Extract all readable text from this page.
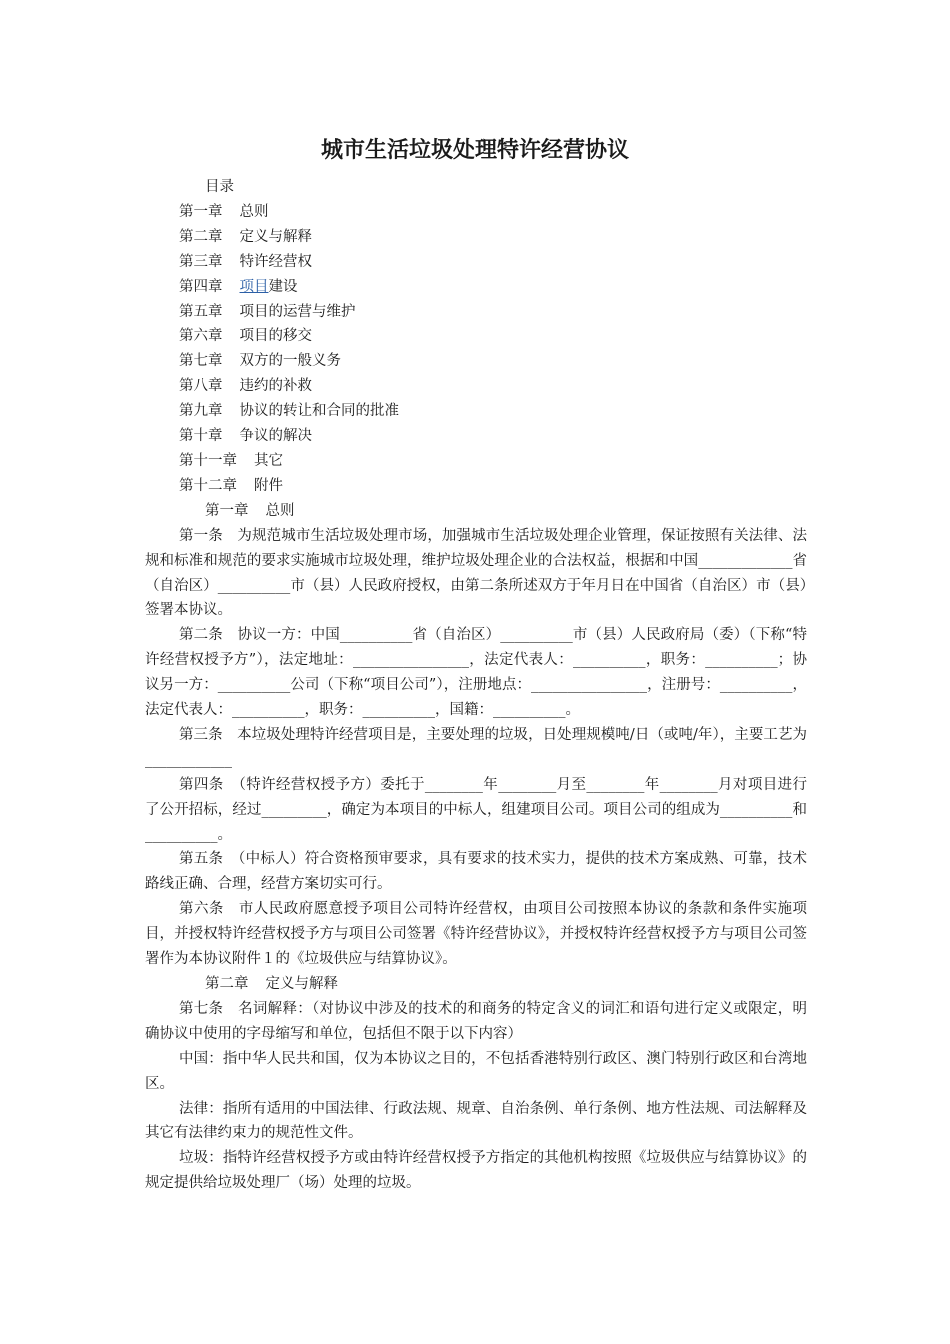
城市生活垃圾处理特许经营协议

目录

第一章 总则

第二章 定义与解释

第三章 特许经营权

第四章 项目建设

第五章 项目的运营与维护

第六章 项目的移交

第七章 双方的一般义务

第八章 违约的补救

第九章 协议的转让和合同的批准

第十章 争议的解决

第十一章 其它

第十二章 附件

第一章 总则

第一条　为规范城市生活垃圾处理市场，加强城市生活垃圾处理企业管理，保证按照有关法律、法规和标准和规范的要求实施城市垃圾处理，维护垃圾处理企业的合法权益，根据和中国_____________省（自治区）__________市（县）人民政府授权，由第二条所述双方于年月日在中国省（自治区）市（县）签署本协议。

第二条　协议一方：中国__________省（自治区）__________市（县）人民政府局（委）（下称“特许经营权授予方”），法定地址：________________，法定代表人：__________，职务：__________；协议另一方：__________公司（下称“项目公司”），注册地点：________________，注册号：__________，法定代表人：__________，职务：__________，国籍：__________。

第三条　本垃圾处理特许经营项目是，主要处理的垃圾，日处理规模吨/日（或吨/年），主要工艺为____________

第四条　（特许经营权授予方）委托于________年________月至________年________月对项目进行了公开招标，经过_________，确定为本项目的中标人，组建项目公司。项目公司的组成为__________和__________。

第五条　（中标人）符合资格预审要求，具有要求的技术实力，提供的技术方案成熟、可靠，技术路线正确、合理，经营方案切实可行。

第六条　市人民政府愿意授予项目公司特许经营权，由项目公司按照本协议的条款和条件实施项目，并授权特许经营权授予方与项目公司签署《特许经营协议》，并授权特许经营权授予方与项目公司签署作为本协议附件１的《垃圾供应与结算协议》。

第二章 定义与解释

第七条　名词解释：（对协议中涉及的技术的和商务的特定含义的词汇和语句进行定义或限定，明确协议中使用的字母缩写和单位，包括但不限于以下内容）

中国：指中华人民共和国，仅为本协议之目的，不包括香港特别行政区、澳门特别行政区和台湾地区。

法律：指所有适用的中国法律、行政法规、规章、自治条例、单行条例、地方性法规、司法解释及其它有法律约束力的规范性文件。

垃圾：指特许经营权授予方或由特许经营权授予方指定的其他机构按照《垃圾供应与结算协议》的规定提供给垃圾处理厂（场）处理的垃圾。
